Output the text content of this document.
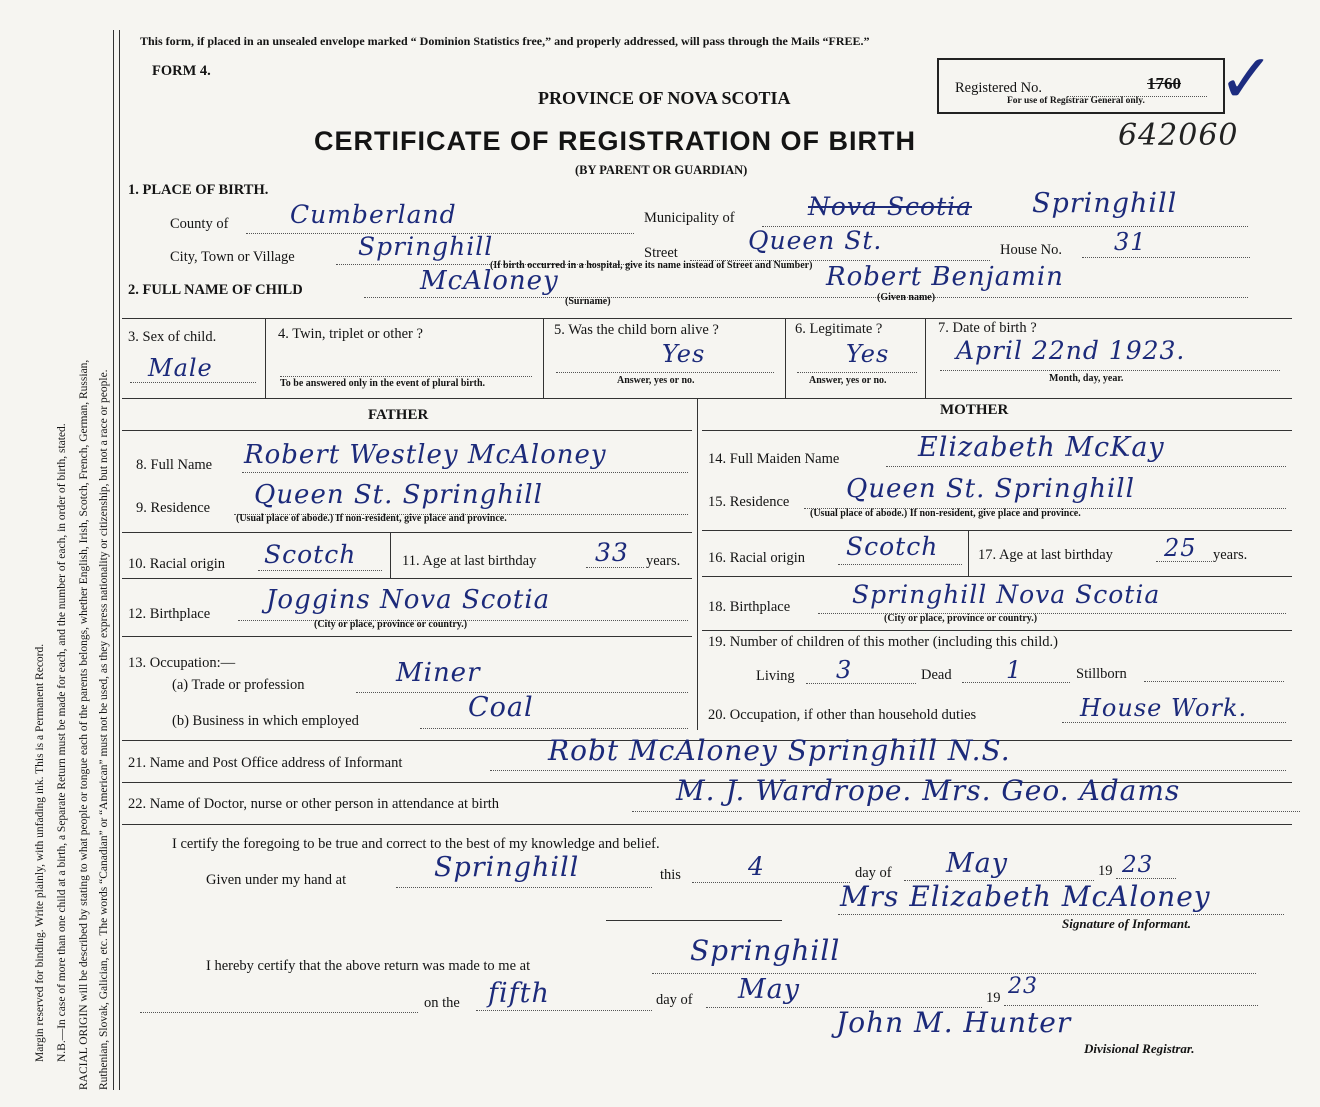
Margin reserved for binding. Write plainly, with unfading ink. This is a Permanent Record. N.B.—In case of more than one child at a birth, a Separate Return must be made for each, and the number of each, in order of birth, stated. RACIAL ORIGIN will be described by stating to what people or tongue each of the parents belongs, whether English, Irish, Scotch, French, German, Russian, Ruthenian, Slovak, Galician, etc. The words “Canadian” or “American” must not be used, as they express nationality or citizenship, but not a race or people.
This form, if placed in an unsealed envelope marked “ Dominion Statistics free,” and properly addressed, will pass through the Mails “FREE.”
FORM 4.
PROVINCE OF NOVA SCOTIA
CERTIFICATE OF REGISTRATION OF BIRTH
(BY PARENT OR GUARDIAN)
Registered No.	1760
For use of Registrar General only. ✓
642060
1. PLACE OF BIRTH.
County of Cumberland	Municipality of	Nova Scotia Springhill
City, Town or Village	Springhill	Street	Queen St.	House No. 31
(If birth occurred in a hospital, give its name instead of Street and Number)
2. FULL NAME OF CHILD	McAloney
(Surname)
Robert Benjamin
(Given name)
3. Sex of child.
Male
4. Twin, triplet or other ?
To be answered only in the event of plural birth.
5. Was the child born alive ?
Yes
Answer, yes or no.
6. Legitimate ?
Yes
Answer, yes or no.
7. Date of birth ?
April 22nd 1923.
Month, day, year.
FATHER	MOTHER
8. Full Name Robert Westley McAloney
9. Residence Queen St. Springhill
(Usual place of abode.) If non-resident, give place and province.
10. Racial origin Scotch	11. Age at last birthday 33 years.
12. Birthplace Joggins Nova Scotia
(City or place, province or country.)
13. Occupation:—
(a) Trade or profession	Miner
(b) Business in which employed	Coal
14. Full Maiden Name	Elizabeth McKay
15. Residence Queen St. Springhill
(Usual place of abode.) If non-resident, give place and province.
16. Racial origin Scotch	17. Age at last birthday 25 years.
18. Birthplace Springhill Nova Scotia
(City or place, province or country.)
19. Number of children of this mother (including this child.)
Living 3	Dead 1	Stillborn
20. Occupation, if other than household duties	House Work.
21. Name and Post Office address of Informant	Robt McAloney Springhill N.S.
22. Name of Doctor, nurse or other person in attendance at birth	M. J. Wardrope. Mrs. Geo. Adams
I certify the foregoing to be true and correct to the best of my knowledge and belief.
Given under my hand at	Springhill	this	4	day of May	19 23
Mrs Elizabeth McAloney
Signature of Informant.
I hereby certify that the above return was made to me at	Springhill
on the fifth	day of May	19 23
John M. Hunter
Divisional Registrar.
